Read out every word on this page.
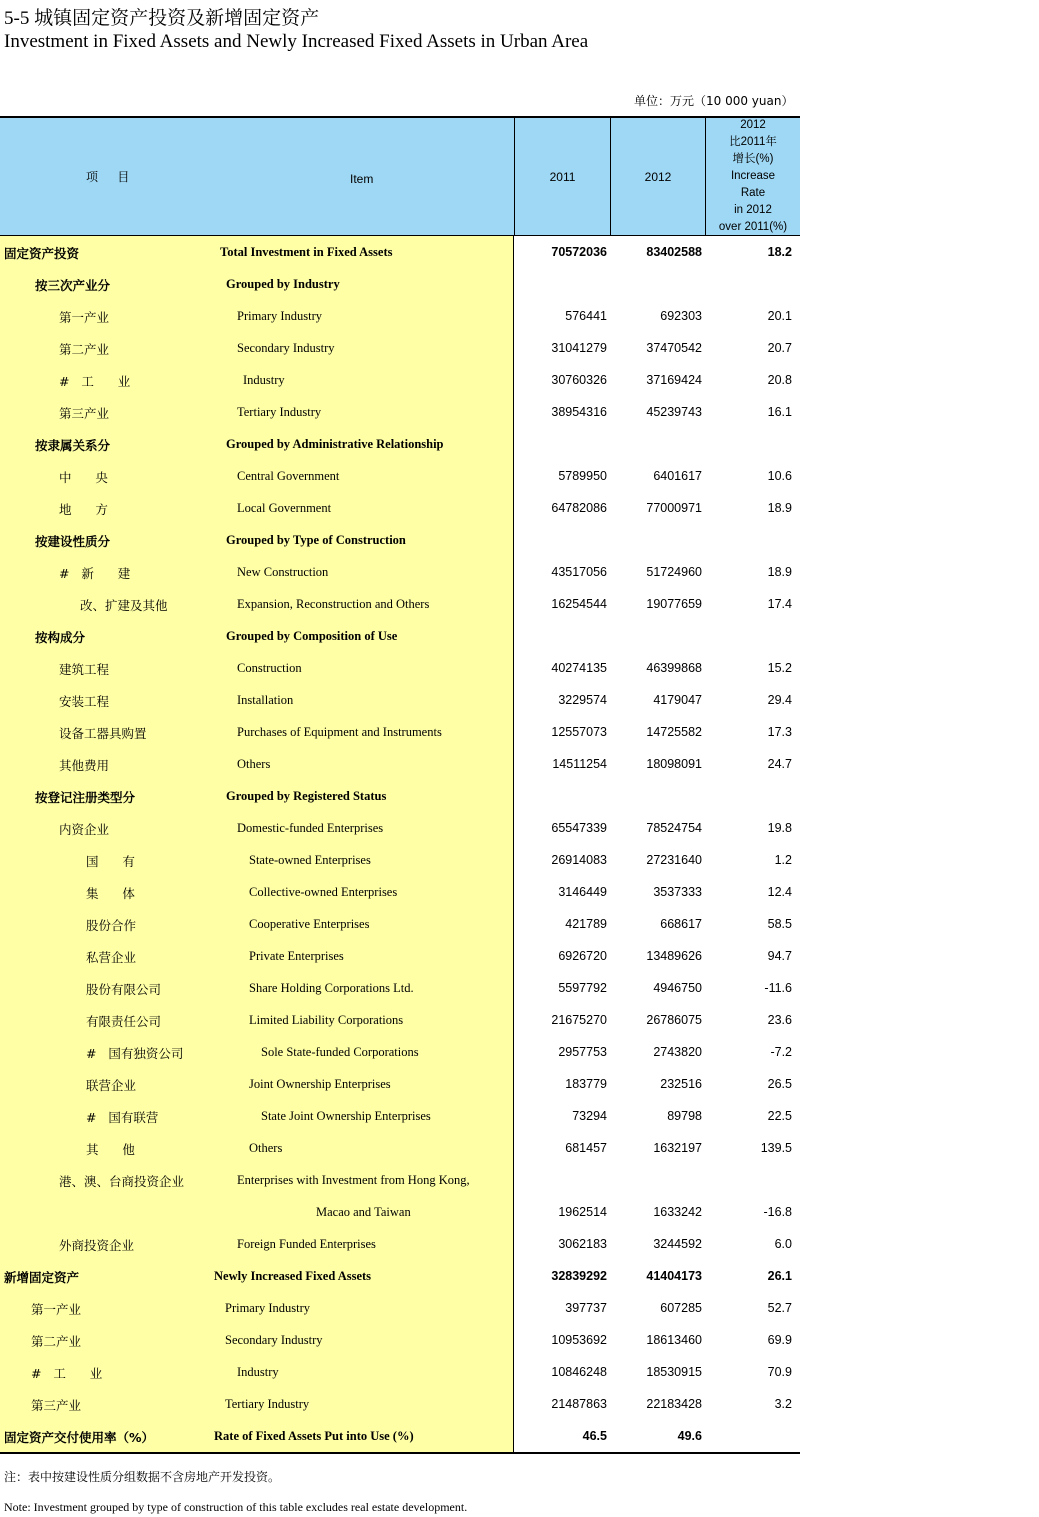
5-5 城镇固定资产投资及新增固定资产
Investment in Fixed Assets and Newly Increased Fixed Assets in Urban Area
单位：万元（10 000 yuan）
项 目	Item	2011	2012
2012
比2011年
增长(%)
Increase
Rate
in 2012
over 2011(%)
固定资产投资	Total Investment in Fixed Assets	70572036	83402588	18.2
按三次产业分	Grouped by Industry
第一产业	Primary Industry	576441	692303	20.1
第二产业	Secondary Industry	31041279	37470542	20.7
#   工      业	Industry	30760326	37169424	20.8
第三产业	Tertiary Industry	38954316	45239743	16.1
按隶属关系分	Grouped by Administrative Relationship
中      央	Central Government	5789950	6401617	10.6
地      方	Local Government	64782086	77000971	18.9
按建设性质分	Grouped by Type of Construction
#   新      建	New Construction	43517056	51724960	18.9
改、扩建及其他	Expansion, Reconstruction and Others	16254544	19077659	17.4
按构成分	Grouped by Composition of Use
建筑工程	Construction	40274135	46399868	15.2
安装工程	Installation	3229574	4179047	29.4
设备工器具购置	Purchases of Equipment and Instruments	12557073	14725582	17.3
其他费用	Others	14511254	18098091	24.7
按登记注册类型分	Grouped by Registered Status
内资企业	Domestic-funded Enterprises	65547339	78524754	19.8
国      有	State-owned Enterprises	26914083	27231640	1.2
集      体	Collective-owned Enterprises	3146449	3537333	12.4
股份合作	Cooperative Enterprises	421789	668617	58.5
私营企业	Private Enterprises	6926720	13489626	94.7
股份有限公司	Share Holding Corporations Ltd.	5597792	4946750	-11.6
有限责任公司	Limited Liability Corporations	21675270	26786075	23.6
#   国有独资公司	Sole State-funded Corporations	2957753	2743820	-7.2
联营企业	Joint Ownership Enterprises	183779	232516	26.5
#   国有联营	State Joint Ownership Enterprises	73294	89798	22.5
其      他	Others	681457	1632197	139.5
港、澳、台商投资企业	Enterprises with Investment from Hong Kong,
Macao and Taiwan	1962514	1633242	-16.8
外商投资企业	Foreign Funded Enterprises	3062183	3244592	6.0
新增固定资产	Newly Increased Fixed Assets	32839292	41404173	26.1
第一产业	Primary Industry	397737	607285	52.7
第二产业	Secondary Industry	10953692	18613460	69.9
#   工      业	Industry	10846248	18530915	70.9
第三产业	Tertiary Industry	21487863	22183428	3.2
固定资产交付使用率（%）	Rate of Fixed Assets Put into Use (%)	46.5	49.6
注：表中按建设性质分组数据不含房地产开发投资。
Note: Investment grouped by type of construction of this table excludes real estate development.
